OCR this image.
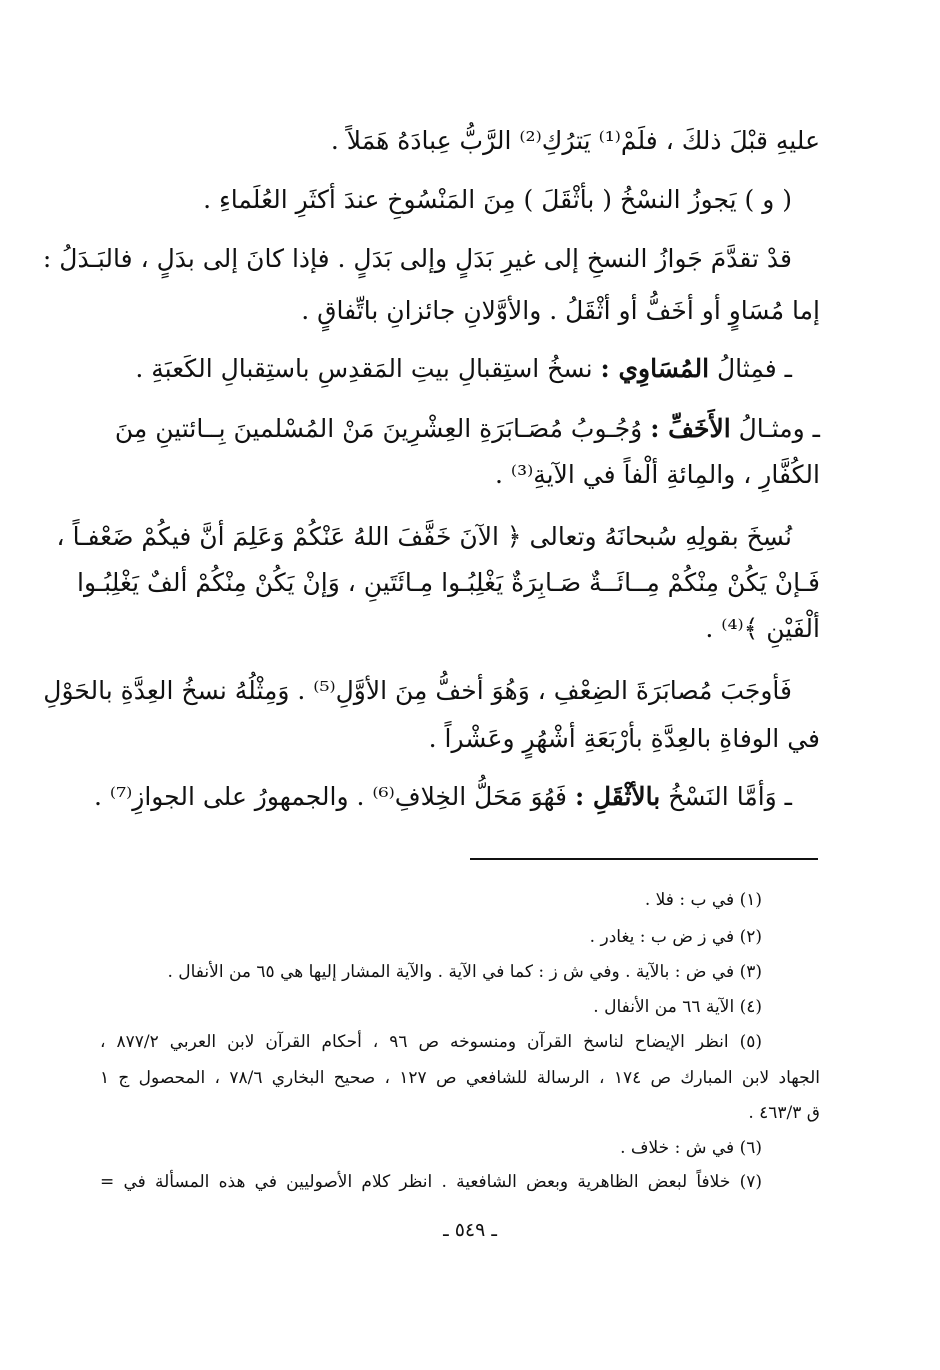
عليهِ قبْلَ ذلكَ ، فلَمْ⁽¹⁾ يَترُكِ⁽²⁾ الرَّبُّ عِبادَهُ هَمَلاً .
( و ) يَجوزُ النسْخُ ( بأثْقَلَ ) مِنَ المَنْسُوخِ عندَ أكثَرِ العُلَماءِ .
قدْ تقدَّمَ جَوازُ النسخِ إلى غيرِ بَدَلٍ وإلى بَدَلٍ . فإذا كانَ إلى بدَلٍ ، فالبَـدَلُ :
إما مُسَاوٍ أو أخَفُّ أو أثْقَلُ . والأوَّلانِ جائزانِ باتِّفاقٍ .
ـ فمِثالُ المُسَاوِي : نسخُ استِقبالِ بيتِ المَقدِسِ باستِقبالِ الكَعبَةِ .
ـ ومثـالُ الأَخَفِّ : وُجُـوبُ مُصَـابَرَةِ العِشْرِينَ مَنْ المُسْلمينَ بِــائتينِ مِنَ
الكُفَّارِ ، والمِائةِ ألْفاً في الآيةِ⁽³⁾ .
نُسِخَ بقولِهِ سُبحانَهُ وتعالى ﴿ الآنَ خَفَّفَ اللهُ عَنْكُمْ وَعَلِمَ أنَّ فيكُمْ ضَعْفـاً ،
فَـإنْ يَكُنْ مِنْكُمْ مِــائَــةٌ صَـابِرَةٌ يَغْلِبُـوا مِـائَتَينِ ، وَإنْ يَكُنْ مِنْكُمْ ألفٌ يَغْلِبُـوا
ألْفَيْنِ ﴾⁽⁴⁾ .
فَأوجَبَ مُصابَرَةَ الضِعْفِ ، وَهُوَ أخفُّ مِنَ الأوَّلِ⁽⁵⁾ . وَمِثْلُهُ نسخُ العِدَّةِ بالحَوْلِ
في الوفاةِ بالعِدَّةِ بأرْبَعَةِ أشْهُرٍ وعَشْراً .
ـ وَأمَّا النَسْخُ بالأثْقَلِ : فَهُوَ مَحَلُّ الخِلافِ⁽⁶⁾ . والجمهورُ على الجوازِ⁽⁷⁾ .
(١) في ب : فلا .
(٢) في ز ض ب : يغادر .
(٣) في ض : بالآية . وفي ش ز : كما في الآية . والآية المشار إليها هي ٦٥ من الأنفال .
(٤) الآية ٦٦ من الأنفال .
(٥) انظر الإيضاح لناسخ القرآن ومنسوخه ص ٩٦ ، أحكام القرآن لابن العربي ٨٧٧/٢ ،
الجهاد لابن المبارك ص ١٧٤ ، الرسالة للشافعي ص ١٢٧ ، صحيح البخاري ٧٨/٦ ، المحصول ج ١
ق ٤٦٣/٣ .
(٦) في ش : خلاف .
(٧) خلافاً لبعض الظاهرية وبعض الشافعية . انظر كلام الأصوليين في هذه المسألة في =
ـ ٥٤٩ ـ
